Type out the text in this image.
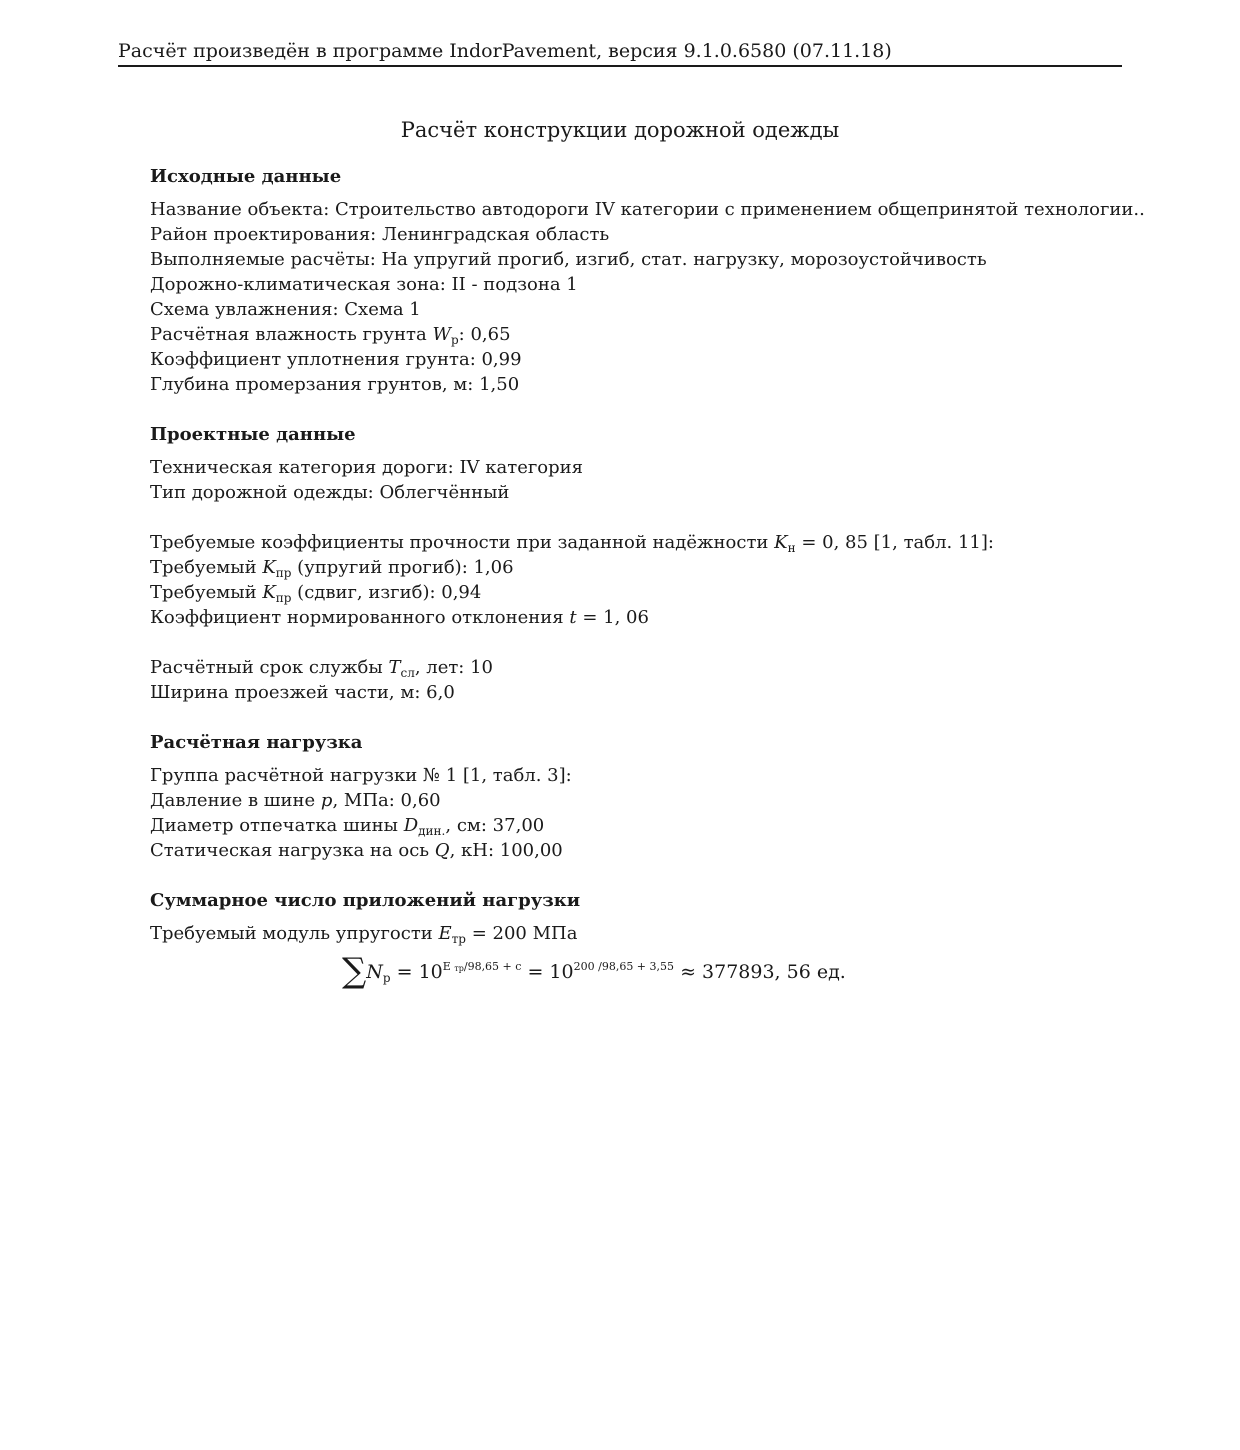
Расчёт произведён в программе IndorPavement, версия 9.1.0.6580 (07.11.18)
Расчёт конструкции дорожной одежды
Исходные данные
Название объекта: Строительство автодороги IV категории с применением общепринятой технологии..
Район проектирования: Ленинградская область
Выполняемые расчёты: На упругий прогиб, изгиб, стат. нагрузку, морозоустойчивость
Дорожно-климатическая зона: II - подзона 1
Схема увлажнения: Схема 1
Расчётная влажность грунта $W_р$: 0,65
Коэффициент уплотнения грунта: 0,99
Глубина промерзания грунтов, м: 1,50
Проектные данные
Техническая категория дороги: IV категория
Тип дорожной одежды: Облегчённый
Требуемые коэффициенты прочности при заданной надёжности $K_н = 0$, 85 [1, табл. 11]:
Требуемый $K_{пр}$ (упругий прогиб): 1,06
Требуемый $K_{пр}$ (сдвиг, изгиб): 0,94
Коэффициент нормированного отклонения t = 1, 06
Расчётный срок службы $T_{сл}$, лет: 10
Ширина проезжей части, м: 6,0
Расчётная нагрузка
Группа расчётной нагрузки № 1 [1, табл. 3]:
Давление в шине p, МПа: 0,60
Диаметр отпечатка шины $D_{дин.}$, см: 37,00
Статическая нагрузка на ось Q, кН: 100,00
Суммарное число приложений нагрузки
Требуемый модуль упругости $E_{тр} = 200$ МПа
$\sum N_р = 10^{E _{тр}/98,65 + с} = 10^{200 /98,65 + 3,55} \approx 377893$, 56 ед.
